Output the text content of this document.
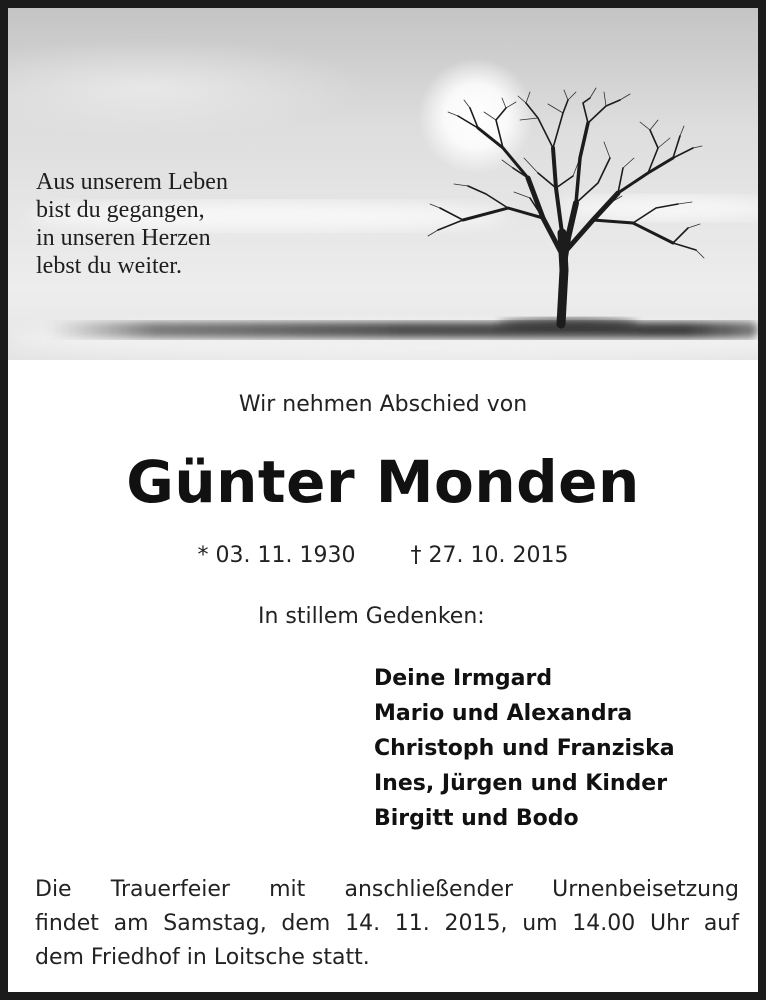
Aus unserem Leben
bist du gegangen,
in unseren Herzen
lebst du weiter.
Wir nehmen Abschied von
Günter Monden
* 03. 11. 1930	† 27. 10. 2015
In stillem Gedenken:
Deine Irmgard
Mario und Alexandra
Christoph und Franziska
Ines, Jürgen und Kinder
Birgitt und Bodo
Die Trauerfeier mit anschließender Urnenbeisetzung
findet am Samstag, dem 14. 11. 2015, um 14.00 Uhr auf
dem Friedhof in Loitsche statt.
